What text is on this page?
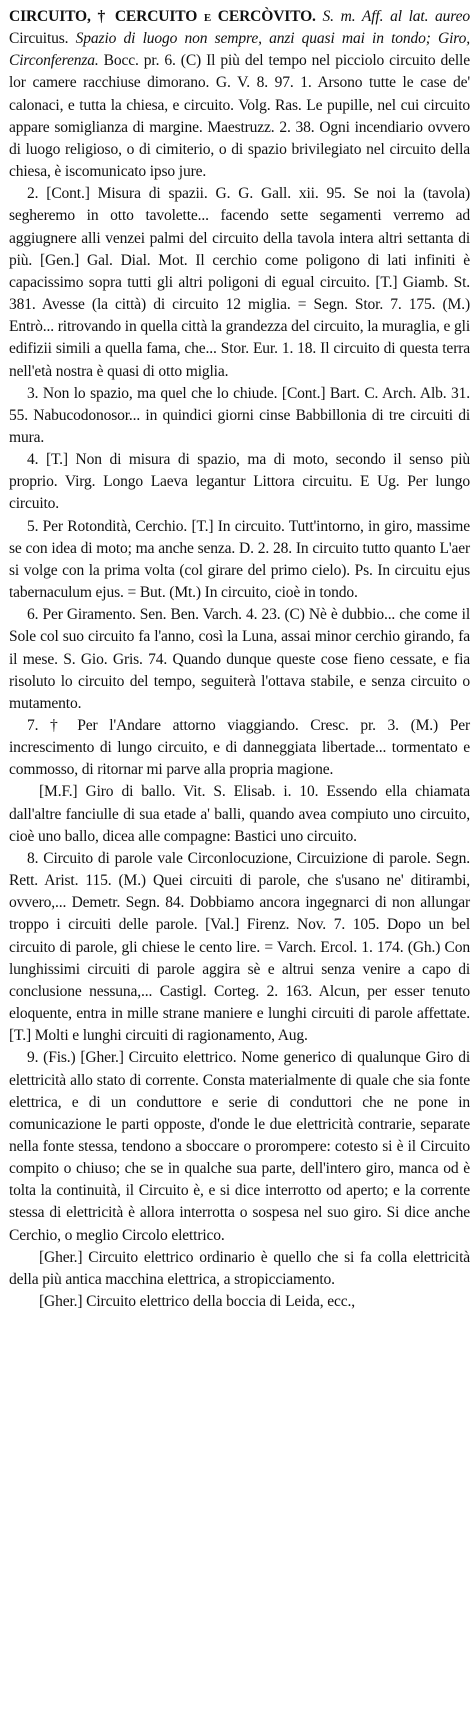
CIRCUITO, † CERCUITO e CERCÒVITO. S. m. Aff. al lat. aureo Circuitus. Spazio di luogo non sempre, anzi quasi mai in tondo; Giro, Circonferenza. Bocc. pr. 6. (C) Il più del tempo nel picciolo circuito delle lor camere racchiuse dimorano. G. V. 8. 97. 1. Arsono tutte le case de' calonaci, e tutta la chiesa, e circuito. Volg. Ras. Le pupille, nel cui circuito appare somiglianza di margine. Maestruzz. 2. 38. Ogni incendiario ovvero di luogo religioso, o di cimiterio, o di spazio brivilegiato nel circuito della chiesa, è iscomunicato ipso jure.

2. [Cont.] Misura di spazii. G. G. Gall. xii. 95. Se noi la (tavola) segheremo in otto tavolette... facendo sette segamenti verremo ad aggiugnere alli venzei palmi del circuito della tavola intera altri settanta di più. [Gen.] Gal. Dial. Mot. Il cerchio come poligono di lati infiniti è capacissimo sopra tutti gli altri poligoni di egual circuito. [T.] Giamb. St. 381. Avesse (la città) di circuito 12 miglia. = Segn. Stor. 7. 175. (M.) Entrò... ritrovando in quella città la grandezza del circuito, la muraglia, e gli edifizii simili a quella fama, che... Stor. Eur. 1. 18. Il circuito di questa terra nell'età nostra è quasi di otto miglia.

3. Non lo spazio, ma quel che lo chiude. [Cont.] Bart. C. Arch. Alb. 31. 55. Nabucodonosor... in quindici giorni cinse Babbillonia di tre circuiti di mura.

4. [T.] Non di misura di spazio, ma di moto, secondo il senso più proprio. Virg. Longo Laeva legantur Littora circuitu. E Ug. Per lungo circuito.

5. Per Rotondità, Cerchio. [T.] In circuito. Tutt'intorno, in giro, massime se con idea di moto; ma anche senza. D. 2. 28. In circuito tutto quanto L'aer si volge con la prima volta (col girare del primo cielo). Ps. In circuitu ejus tabernaculum ejus. = But. (Mt.) In circuito, cioè in tondo.

6. Per Giramento. Sen. Ben. Varch. 4. 23. (C) Nè è dubbio... che come il Sole col suo circuito fa l'anno, così la Luna, assai minor cerchio girando, fa il mese. S. Gio. Gris. 74. Quando dunque queste cose fieno cessate, e fia risoluto lo circuito del tempo, seguiterà l'ottava stabile, e senza circuito o mutamento.

7. † Per l'Andare attorno viaggiando. Cresc. pr. 3. (M.) Per increscimento di lungo circuito, e di danneggiata libertade... tormentato e commosso, di ritornar mi parve alla propria magione.

[M.F.] Giro di ballo. Vit. S. Elisab. i. 10. Essendo ella chiamata dall'altre fanciulle di sua etade a' balli, quando avea compiuto uno circuito, cioè uno ballo, dicea alle compagne: Bastici uno circuito.

8. Circuito di parole vale Circonlocuzione, Circuizione di parole. Segn. Rett. Arist. 115. (M.) Quei circuiti di parole, che s'usano ne' ditirambi, ovvero,... Demetr. Segn. 84. Dobbiamo ancora ingegnarci di non allungar troppo i circuiti delle parole. [Val.] Firenz. Nov. 7. 105. Dopo un bel circuito di parole, gli chiese le cento lire. = Varch. Ercol. 1. 174. (Gh.) Con lunghissimi circuiti di parole aggira sè e altrui senza venire a capo di conclusione nessuna,... Castigl. Corteg. 2. 163. Alcun, per esser tenuto eloquente, entra in mille strane maniere e lunghi circuiti di parole affettate. [T.] Molti e lunghi circuiti di ragionamento, Aug.

9. (Fis.) [Gher.] Circuito elettrico. Nome generico di qualunque Giro di elettricità allo stato di corrente. Consta materialmente di quale che sia fonte elettrica, e di un conduttore e serie di conduttori che ne pone in comunicazione le parti opposte, d'onde le due elettricità contrarie, separate nella fonte stessa, tendono a sboccare o prorompere: cotesto si è il Circuito compito o chiuso; che se in qualche sua parte, dell'intero giro, manca od è tolta la continuità, il Circuito è, e si dice interrotto od aperto; e la corrente stessa di elettricità è allora interrotta o sospesa nel suo giro. Si dice anche Cerchio, o meglio Circolo elettrico.

[Gher.] Circuito elettrico ordinario è quello che si fa colla elettricità della più antica macchina elettrica, a stropicciamento.

[Gher.] Circuito elettrico della boccia di Leida, ecc.,
